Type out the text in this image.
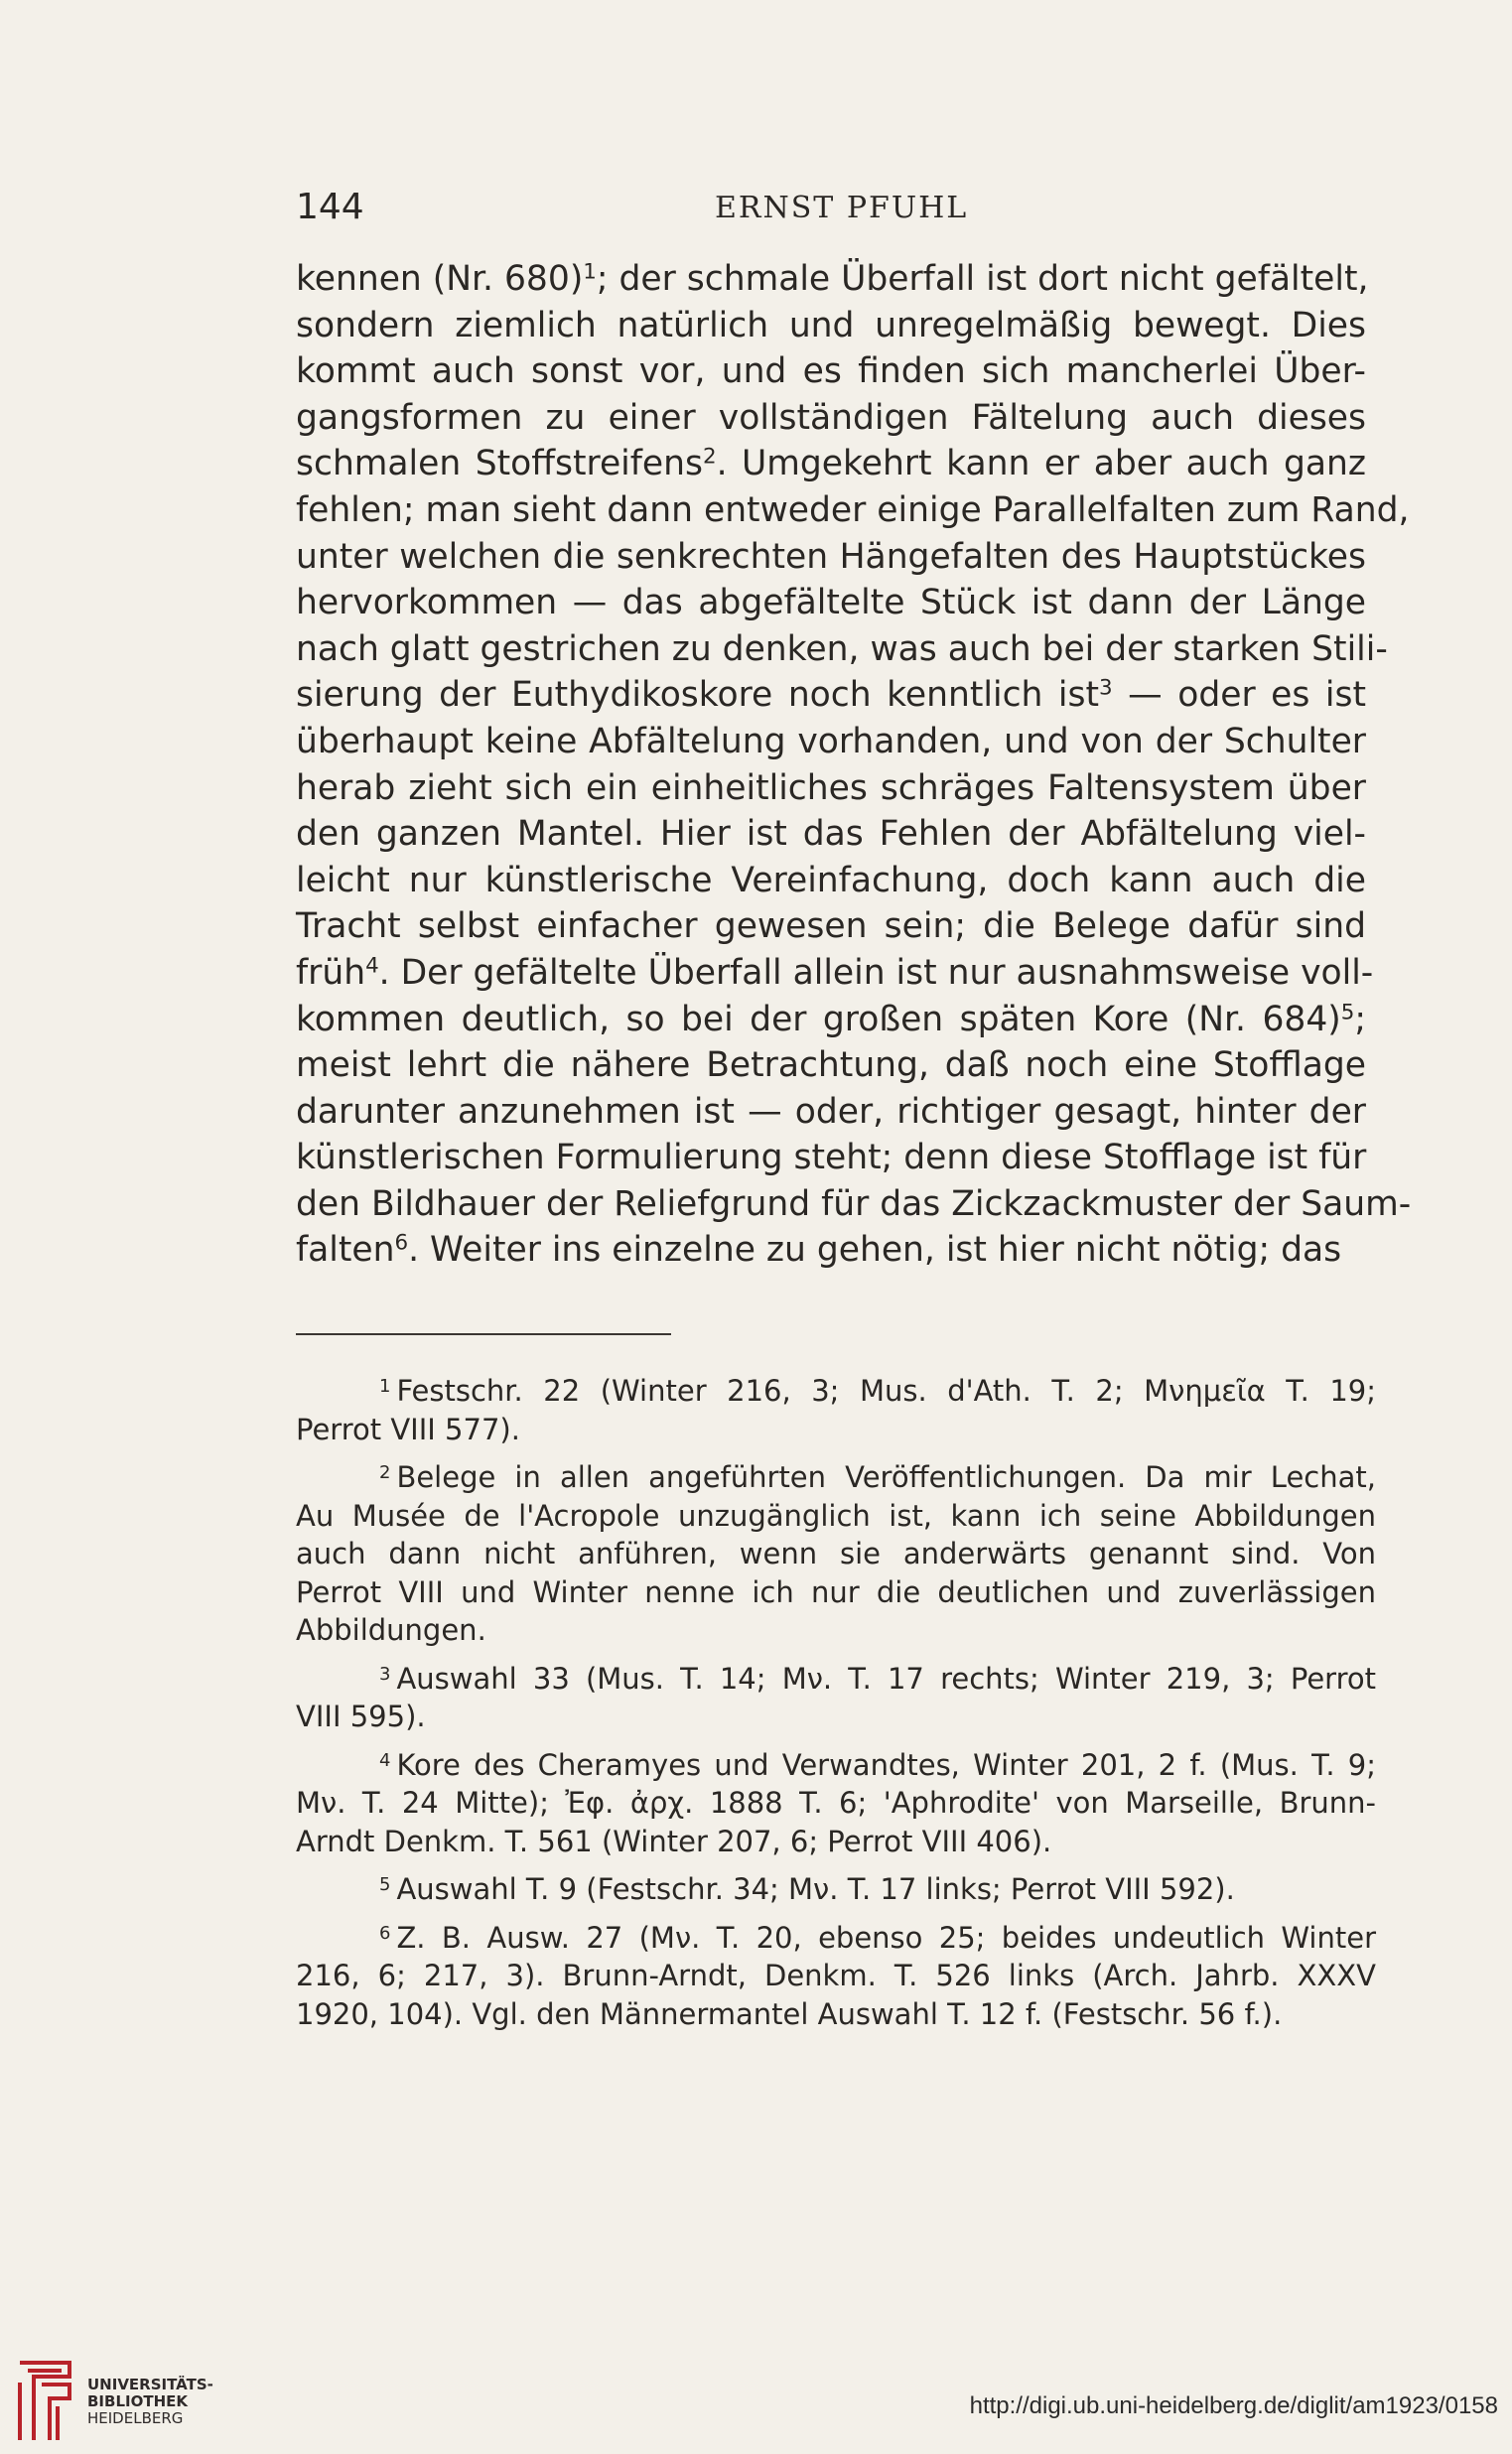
144	ERNST PFUHL
kennen (Nr. 680)$^1$; der schmale Überfall ist dort nicht gefältelt,
sondern ziemlich natürlich und unregelmäßig bewegt. Dies
kommt auch sonst vor, und es finden sich mancherlei Über-
gangsformen zu einer vollständigen Fältelung auch dieses
schmalen Stoffstreifens$^2$. Umgekehrt kann er aber auch ganz
fehlen; man sieht dann entweder einige Parallelfalten zum Rand,
unter welchen die senkrechten Hängefalten des Hauptstückes
hervorkommen — das abgefältelte Stück ist dann der Länge
nach glatt gestrichen zu denken, was auch bei der starken Stili-
sierung der Euthydikoskore noch kenntlich ist$^3$ — oder es ist
überhaupt keine Abfältelung vorhanden, und von der Schulter
herab zieht sich ein einheitliches schräges Faltensystem über
den ganzen Mantel. Hier ist das Fehlen der Abfältelung viel-
leicht nur künstlerische Vereinfachung, doch kann auch die
Tracht selbst einfacher gewesen sein; die Belege dafür sind
früh$^4$. Der gefältelte Überfall allein ist nur ausnahmsweise voll-
kommen deutlich, so bei der großen späten Kore (Nr. 684)$^5$;
meist lehrt die nähere Betrachtung, daß noch eine Stofflage
darunter anzunehmen ist — oder, richtiger gesagt, hinter der
künstlerischen Formulierung steht; denn diese Stofflage ist für
den Bildhauer der Reliefgrund für das Zickzackmuster der Saum-
falten$^6$. Weiter ins einzelne zu gehen, ist hier nicht nötig; das
$^1$ Festschr. 22 (Winter 216, 3; Mus. d'Ath. T. 2; Μνημεῖα T. 19;
Perrot VIII 577).
$^2$ Belege in allen angeführten Veröffentlichungen. Da mir Lechat,
Au Musée de l'Acropole unzugänglich ist, kann ich seine Abbildungen
auch dann nicht anführen, wenn sie anderwärts genannt sind. Von
Perrot VIII und Winter nenne ich nur die deutlichen und zuverlässigen
Abbildungen.
$^3$ Auswahl 33 (Mus. T. 14; Μν. T. 17 rechts; Winter 219, 3; Perrot
VIII 595).
$^4$ Kore des Cheramyes und Verwandtes, Winter 201, 2 f. (Mus. T. 9;
Μν. T. 24 Mitte); Ἐφ. ἀρχ. 1888 T. 6; 'Aphrodite' von Marseille, Brunn-
Arndt Denkm. T. 561 (Winter 207, 6; Perrot VIII 406).
$^5$ Auswahl T. 9 (Festschr. 34; Μν. T. 17 links; Perrot VIII 592).
$^6$ Z. B. Ausw. 27 (Μν. T. 20, ebenso 25; beides undeutlich Winter
216, 6; 217, 3). Brunn-Arndt, Denkm. T. 526 links (Arch. Jahrb. XXXV
1920, 104). Vgl. den Männermantel Auswahl T. 12 f. (Festschr. 56 f.).
UNIVERSITÄTS-
BIBLIOTHEK
HEIDELBERG	http://digi.ub.uni-heidelberg.de/diglit/am1923/0158
